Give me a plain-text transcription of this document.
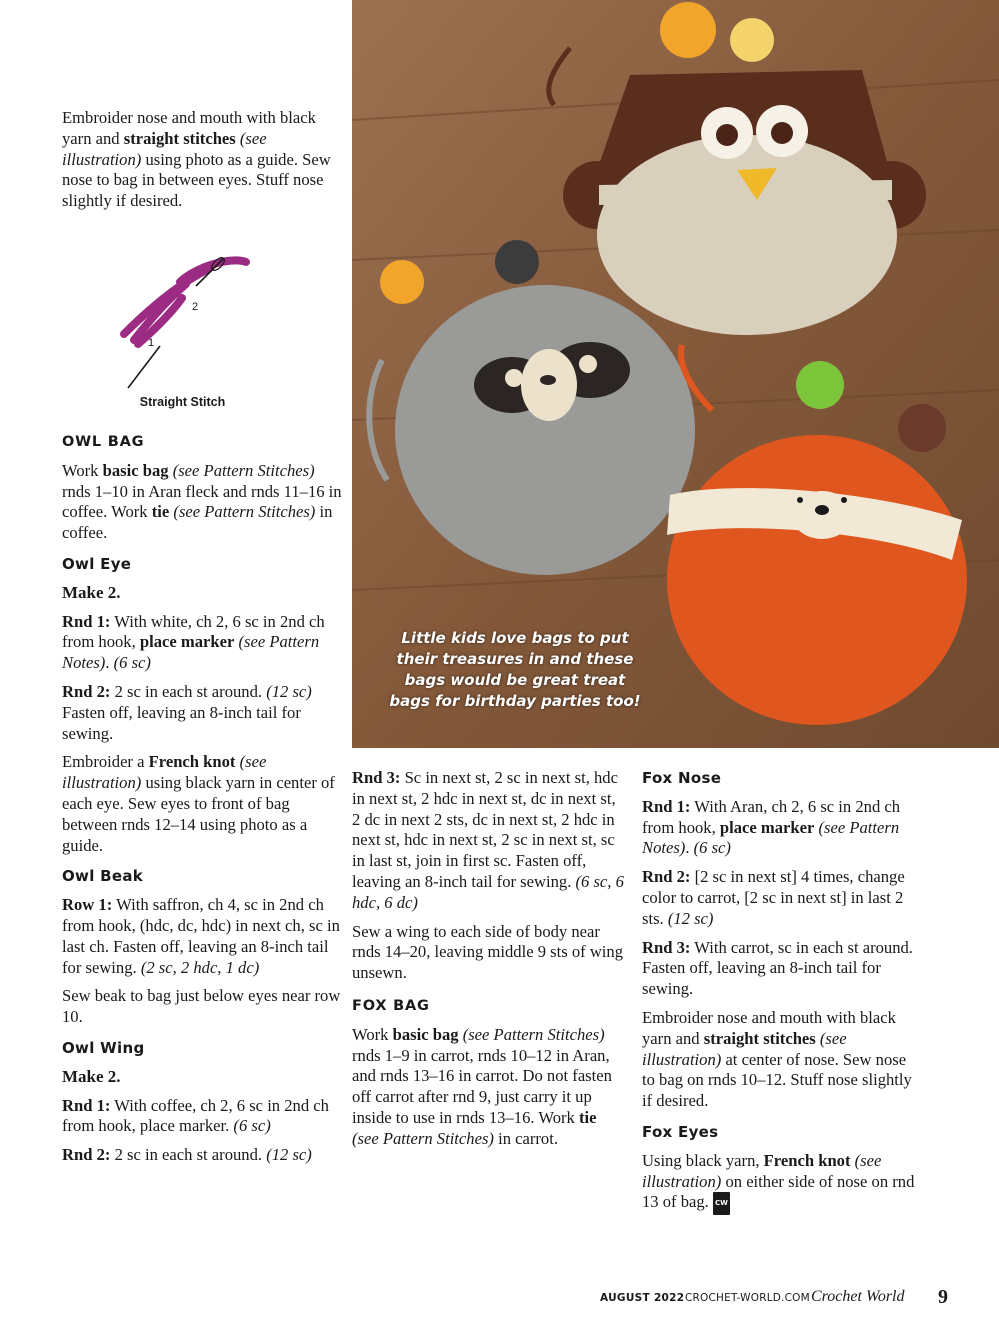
Embroider nose and mouth with black yarn and straight stitches (see illustration) using photo as a guide. Sew nose to bag in between eyes. Stuff nose slightly if desired.

1
2
Straight Stitch
OWL BAG

Work basic bag (see Pattern Stitches) rnds 1–10 in Aran fleck and rnds 11–16 in coffee. Work tie (see Pattern Stitches) in coffee.

Owl Eye
Make 2.

Rnd 1: With white, ch 2, 6 sc in 2nd ch from hook, place marker (see Pattern Notes). (6 sc)

Rnd 2: 2 sc in each st around. (12 sc) Fasten off, leaving an 8-inch tail for sewing.

Embroider a French knot (see illustration) using black yarn in center of each eye. Sew eyes to front of bag between rnds 12–14 using photo as a guide.

Owl Beak

Row 1: With saffron, ch 4, sc in 2nd ch from hook, (hdc, dc, hdc) in next ch, sc in last ch. Fasten off, leaving an 8-inch tail for sewing. (2 sc, 2 hdc, 1 dc)

Sew beak to bag just below eyes near row 10.

Owl Wing
Make 2.

Rnd 1: With coffee, ch 2, 6 sc in 2nd ch from hook, place marker. (6 sc)

Rnd 2: 2 sc in each st around. (12 sc)

Little kids love bags to put their treasures in and these bags would be great treat bags for birthday parties too!

Rnd 3: Sc in next st, 2 sc in next st, hdc in next st, 2 hdc in next st, dc in next st, 2 dc in next 2 sts, dc in next st, 2 hdc in next st, hdc in next st, 2 sc in next st, sc in last st, join in first sc. Fasten off, leaving an 8-inch tail for sewing. (6 sc, 6 hdc, 6 dc)

Sew a wing to each side of body near rnds 14–20, leaving middle 9 sts of wing unsewn.

FOX BAG

Work basic bag (see Pattern Stitches) rnds 1–9 in carrot, rnds 10–12 in Aran, and rnds 13–16 in carrot. Do not fasten off carrot after rnd 9, just carry it up inside to use in rnds 13–16. Work tie (see Pattern Stitches) in carrot.

Fox Nose

Rnd 1: With Aran, ch 2, 6 sc in 2nd ch from hook, place marker (see Pattern Notes). (6 sc)

Rnd 2: [2 sc in next st] 4 times, change color to carrot, [2 sc in next st] in last 2 sts. (12 sc)

Rnd 3: With carrot, sc in each st around. Fasten off, leaving an 8-inch tail for sewing.

Embroider nose and mouth with black yarn and straight stitches (see illustration) at center of nose. Sew nose to bag on rnds 10–12. Stuff nose slightly if desired.

Fox Eyes

Using black yarn, French knot (see illustration) on either side of nose on rnd 13 of bag. CW

AUGUST 2022 CROCHET-WORLD.COM Crochet World 9
